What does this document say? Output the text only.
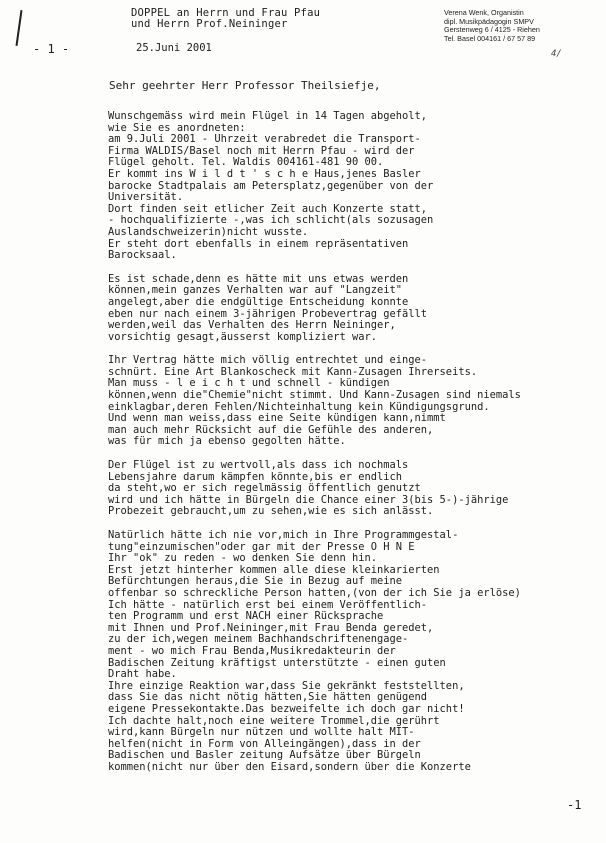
- 1 -
DOPPEL an Herrn und Frau Pfau
und Herrn Prof.Neininger
25.Juni 2001
Verena Wenk, Organistin
dipl. Musikpädagogin SMPV
Gerstenweg 6 / 4125 - Riehen
Tel. Basel 004161 / 67 57 89
4/
Sehr geehrter Herr Professor Theilsiefje,
Wunschgemäss wird mein Flügel in 14 Tagen abgeholt,
wie Sie es anordneten:
am 9.Juli 2001 - Uhrzeit verabredet die Transport-
Firma WALDIS/Basel noch mit Herrn Pfau - wird der
Flügel geholt. Tel. Waldis 004161-481 90 00.
Er kommt ins W i l d t ' s c h e Haus,jenes Basler
barocke Stadtpalais am Petersplatz,gegenüber von der
Universität.
Dort finden seit etlicher Zeit auch Konzerte statt,
- hochqualifizierte -,was ich schlicht(als sozusagen
Auslandschweizerin)nicht wusste.
Er steht dort ebenfalls in einem repräsentativen
Barocksaal.
Es ist schade,denn es hätte mit uns etwas werden
können,mein ganzes Verhalten war auf "Langzeit"
angelegt,aber die endgültige Entscheidung konnte
eben nur nach einem 3-jährigen Probevertrag gefällt
werden,weil das Verhalten des Herrn Neininger,
vorsichtig gesagt,äusserst kompliziert war.
Ihr Vertrag hätte mich völlig entrechtet und einge-
schnürt. Eine Art Blankoscheck mit Kann-Zusagen Ihrerseits.
Man muss - l e i c h t und schnell - kündigen
können,wenn die"Chemie"nicht stimmt. Und Kann-Zusagen sind niemals
einklagbar,deren Fehlen/Nichteinhaltung kein Kündigungsgrund.
Und wenn man weiss,dass eine Seite kündigen kann,nimmt
man auch mehr Rücksicht auf die Gefühle des anderen,
was für mich ja ebenso gegolten hätte.
Der Flügel ist zu wertvoll,als dass ich nochmals
Lebensjahre darum kämpfen könnte,bis er endlich
da steht,wo er sich regelmässig öffentlich genutzt
wird und ich hätte in Bürgeln die Chance einer 3(bis 5-)-jährige
Probezeit gebraucht,um zu sehen,wie es sich anlässt.
Natürlich hätte ich nie vor,mich in Ihre Programmgestal-
tung"einzumischen"oder gar mit der Presse O H N E
Ihr "ok" zu reden - wo denken Sie denn hin.
Erst jetzt hinterher kommen alle diese kleinkarierten
Befürchtungen heraus,die Sie in Bezug auf meine
offenbar so schreckliche Person hatten,(von der ich Sie ja erlöse)
Ich hätte - natürlich erst bei einem Veröffentlich-
ten Programm und erst NACH einer Rücksprache
mit Ihnen und Prof.Neininger,mit Frau Benda geredet,
zu der ich,wegen meinem Bachhandschriftenengage-
ment - wo mich Frau Benda,Musikredakteurin der
Badischen Zeitung kräftigst unterstützte - einen guten
Draht habe.
Ihre einzige Reaktion war,dass Sie gekränkt feststellten,
dass Sie das nicht nötig hätten,Sie hätten genügend
eigene Pressekontakte.Das bezweifelte ich doch gar nicht!
Ich dachte halt,noch eine weitere Trommel,die gerührt
wird,kann Bürgeln nur nützen und wollte halt MIT-
helfen(nicht in Form von Alleingängen),dass in der
Badischen und Basler zeitung Aufsätze über Bürgeln
kommen(nicht nur über den Eisard,sondern über die Konzerte
-1
